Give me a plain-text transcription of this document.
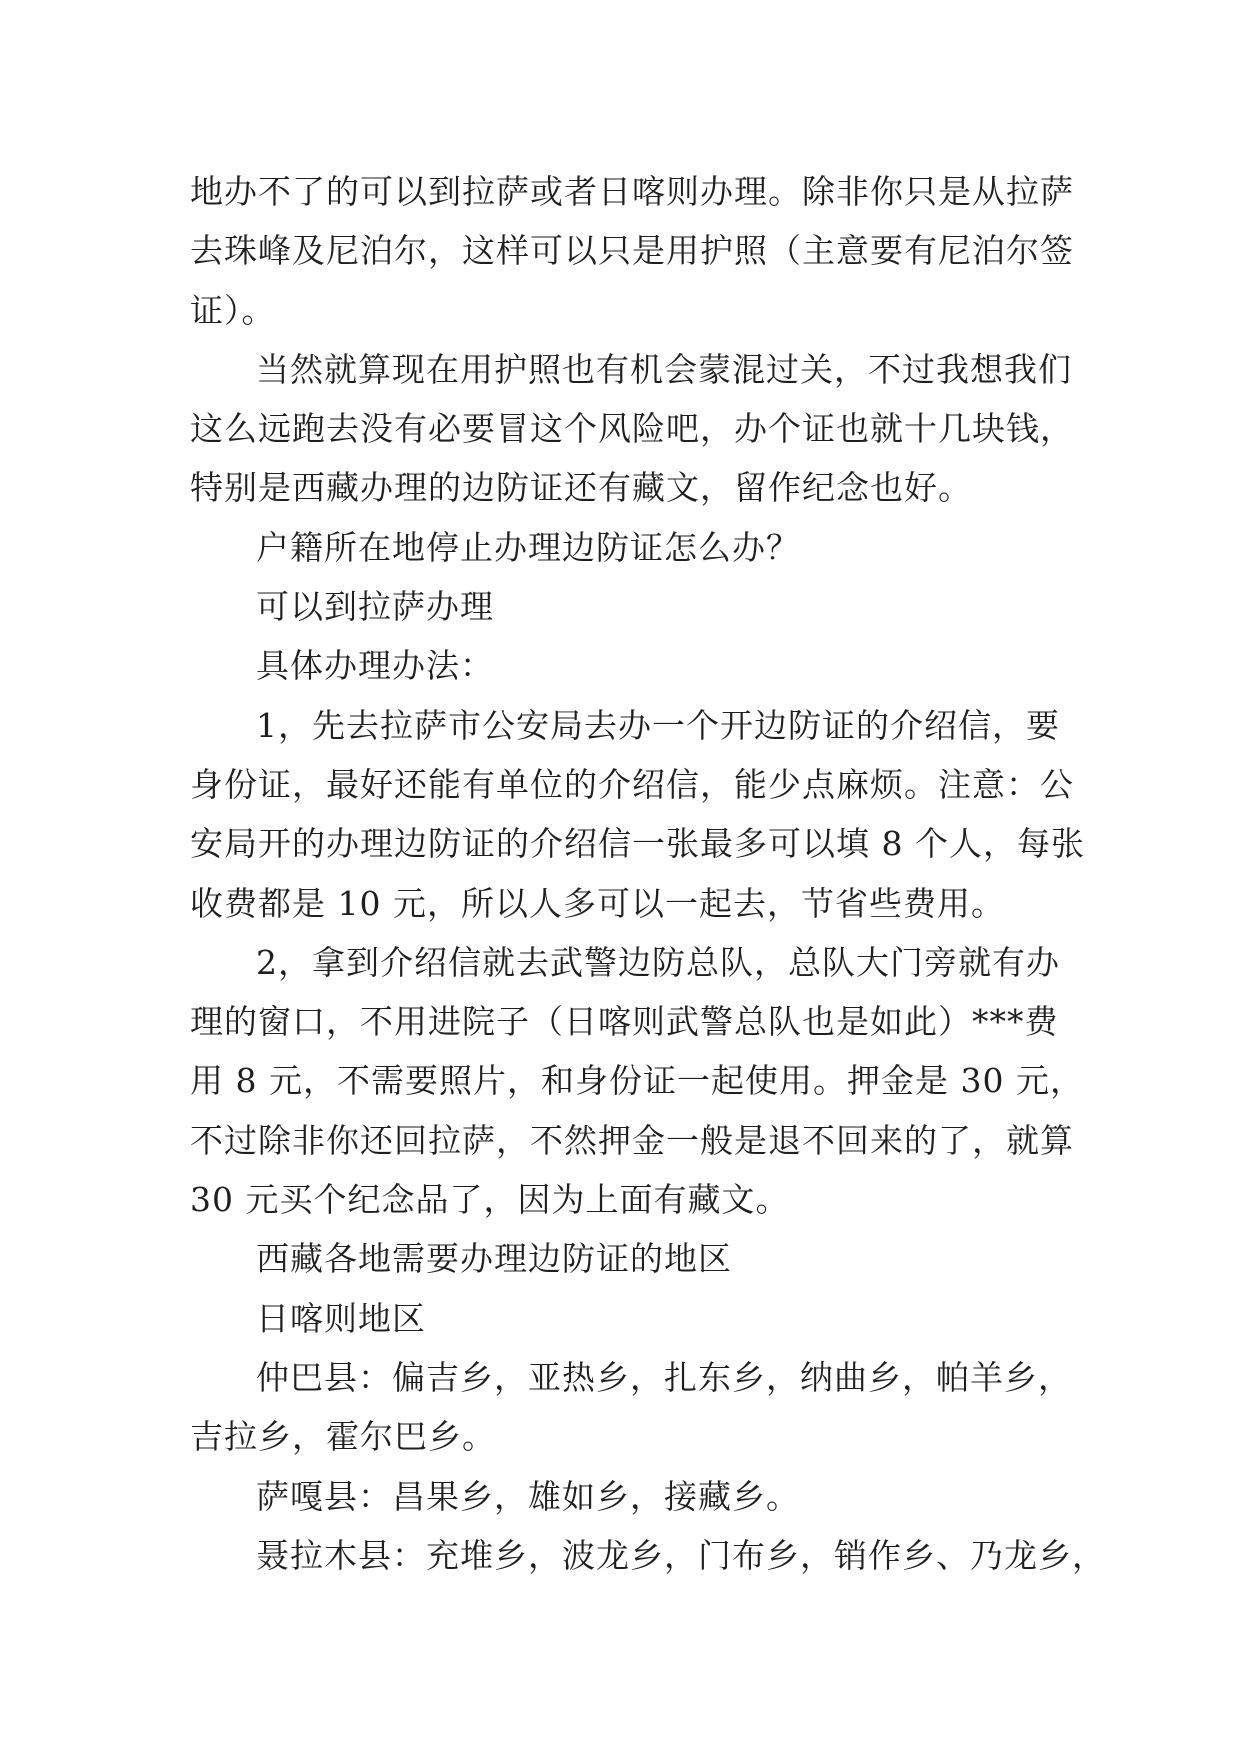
地办不了的可以到拉萨或者日喀则办理。除非你只是从拉萨
去珠峰及尼泊尔，这样可以只是用护照（主意要有尼泊尔签
证）。
当然就算现在用护照也有机会蒙混过关，不过我想我们
这么远跑去没有必要冒这个风险吧，办个证也就十几块钱，
特别是西藏办理的边防证还有藏文，留作纪念也好。
户籍所在地停止办理边防证怎么办？
可以到拉萨办理
具体办理办法：
1，先去拉萨市公安局去办一个开边防证的介绍信，要
身份证，最好还能有单位的介绍信，能少点麻烦。注意：公
安局开的办理边防证的介绍信一张最多可以填 8 个人，每张
收费都是 10 元，所以人多可以一起去，节省些费用。
2，拿到介绍信就去武警边防总队，总队大门旁就有办
理的窗口，不用进院子（日喀则武警总队也是如此）***费
用 8 元，不需要照片，和身份证一起使用。押金是 30 元，
不过除非你还回拉萨，不然押金一般是退不回来的了，就算
30 元买个纪念品了，因为上面有藏文。
西藏各地需要办理边防证的地区
日喀则地区
仲巴县：偏吉乡，亚热乡，扎东乡，纳曲乡，帕羊乡，
吉拉乡，霍尔巴乡。
萨嘎县：昌果乡，雄如乡，接藏乡。
聂拉木县：充堆乡，波龙乡，门布乡，销作乡、乃龙乡，
